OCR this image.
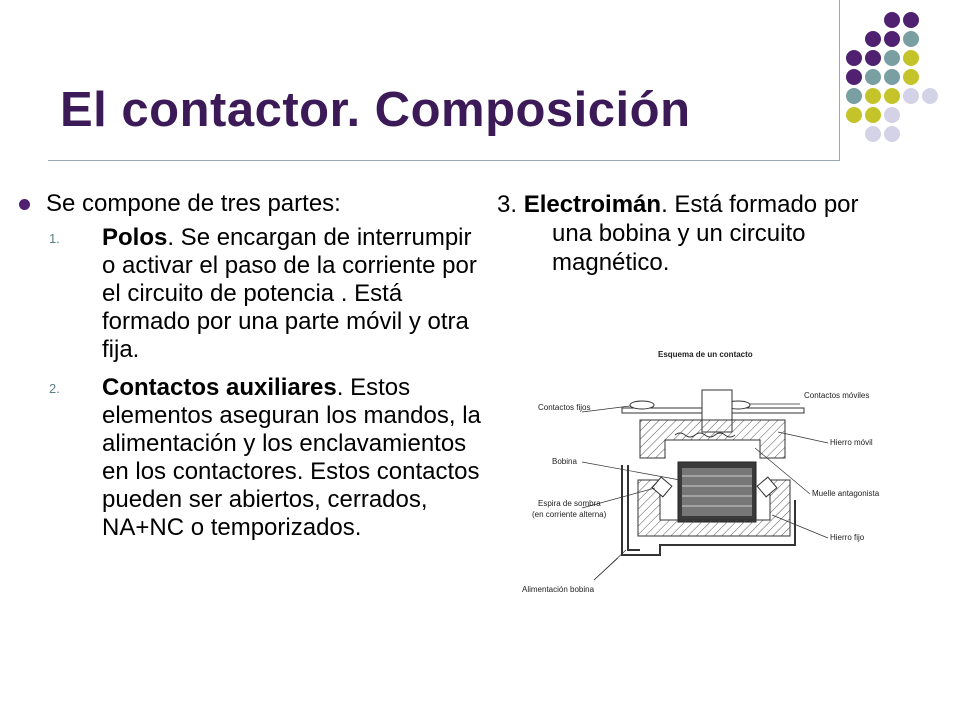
El contactor. Composición
Se compone de tres partes:
1. Polos. Se encargan de interrumpir o activar el paso de la corriente por el circuito de potencia . Está formado por una parte móvil y otra fija.
2. Contactos auxiliares. Estos elementos aseguran los mandos, la alimentación y los enclavamientos en los contactores. Estos contactos pueden ser abiertos, cerrados, NA+NC o temporizados.
3. Electroimán. Está formado por una bobina y un circuito magnético.
Esquema de un contacto
Contactos fijos
Contactos móviles
Hierro móvil
Bobina
Muelle antagonista
Espira de sombra
(en corriente alterna)
Hierro fijo
Alimentación bobina
